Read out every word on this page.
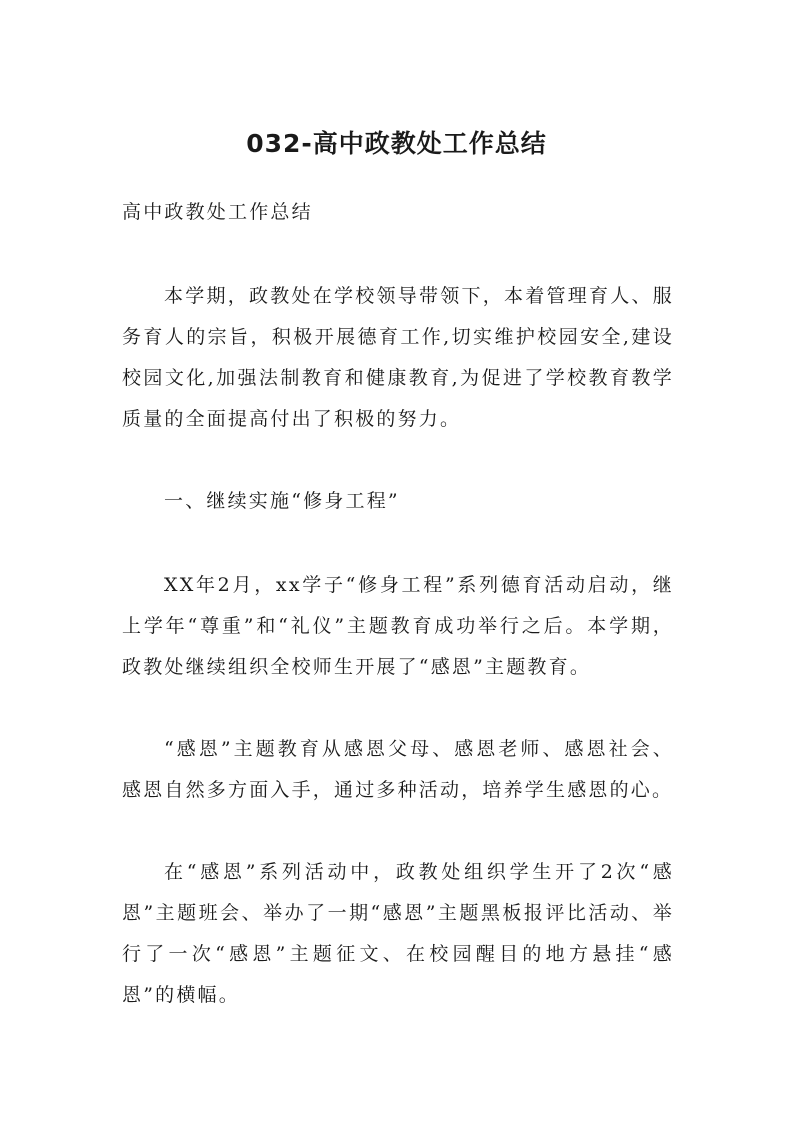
032-高中政教处工作总结

高中政教处工作总结

本学期，政教处在学校领导带领下，本着管理育人、服务育人的宗旨，积极开展德育工作,切实维护校园安全,建设校园文化,加强法制教育和健康教育,为促进了学校教育教学质量的全面提高付出了积极的努力。

一、继续实施“修身工程”

XX年2月，xx学子“修身工程”系列德育活动启动，继上学年“尊重”和“礼仪”主题教育成功举行之后。本学期，政教处继续组织全校师生开展了“感恩”主题教育。

“感恩”主题教育从感恩父母、感恩老师、感恩社会、感恩自然多方面入手，通过多种活动，培养学生感恩的心。

在“感恩”系列活动中，政教处组织学生开了2次“感恩”主题班会、举办了一期“感恩”主题黑板报评比活动、举行了一次“感恩”主题征文、在校园醒目的地方悬挂“感恩”的横幅。
